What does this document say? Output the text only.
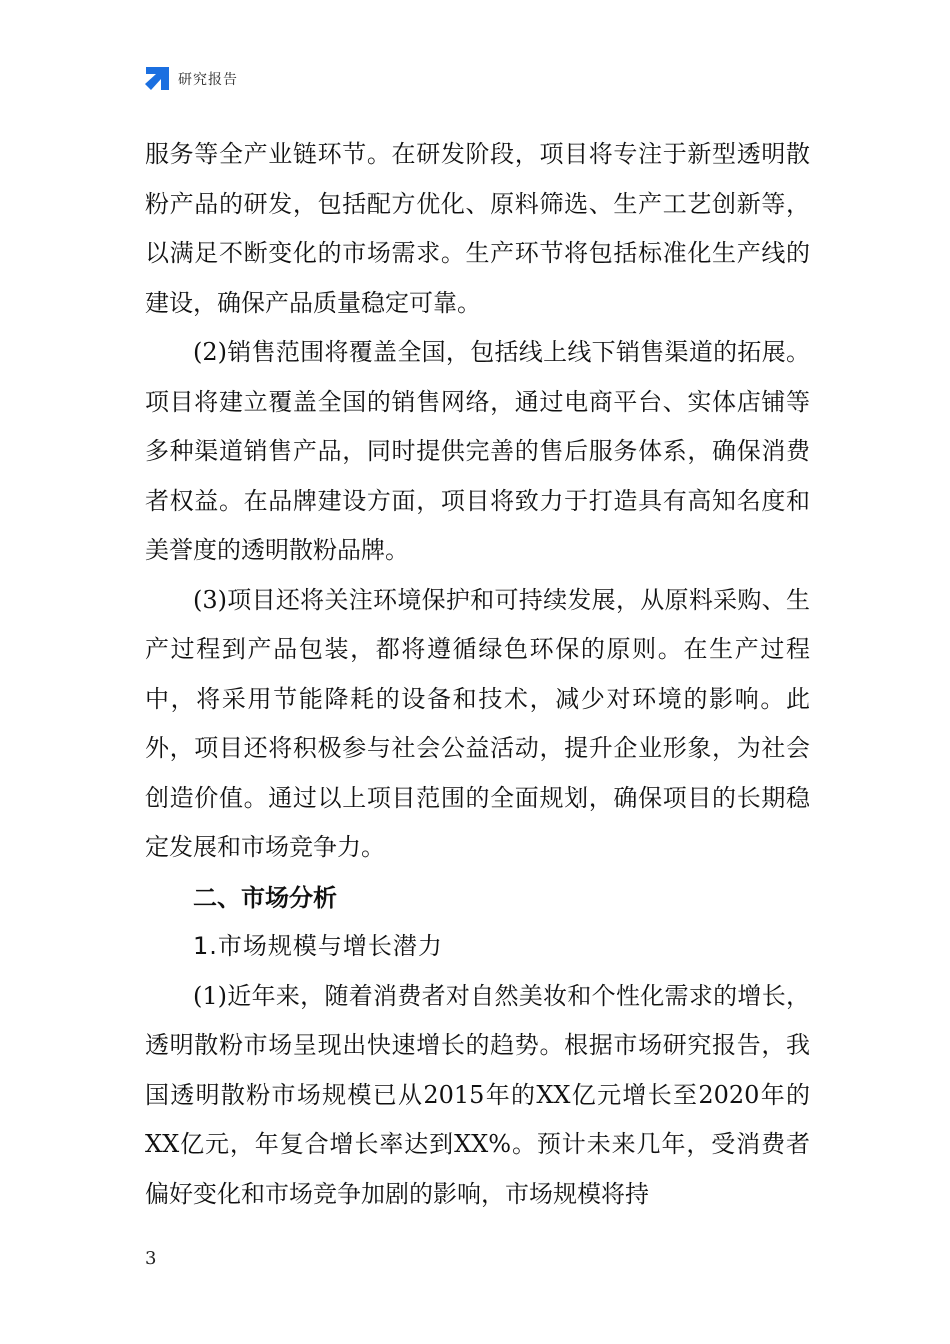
研究报告

服务等全产业链环节。在研发阶段，项目将专注于新型透明散粉产品的研发，包括配方优化、原料筛选、生产工艺创新等，以满足不断变化的市场需求。生产环节将包括标准化生产线的建设，确保产品质量稳定可靠。

(2)销售范围将覆盖全国，包括线上线下销售渠道的拓展。项目将建立覆盖全国的销售网络，通过电商平台、实体店铺等多种渠道销售产品，同时提供完善的售后服务体系，确保消费者权益。在品牌建设方面，项目将致力于打造具有高知名度和美誉度的透明散粉品牌。

(3)项目还将关注环境保护和可持续发展，从原料采购、生产过程到产品包装，都将遵循绿色环保的原则。在生产过程中，将采用节能降耗的设备和技术，减少对环境的影响。此外，项目还将积极参与社会公益活动，提升企业形象，为社会创造价值。通过以上项目范围的全面规划，确保项目的长期稳定发展和市场竞争力。

二、市场分析

1.市场规模与增长潜力

(1)近年来，随着消费者对自然美妆和个性化需求的增长，透明散粉市场呈现出快速增长的趋势。根据市场研究报告，我国透明散粉市场规模已从2015年的XX亿元增长至2020年的XX亿元，年复合增长率达到XX%。预计未来几年，受消费者偏好变化和市场竞争加剧的影响，市场规模将持

3
